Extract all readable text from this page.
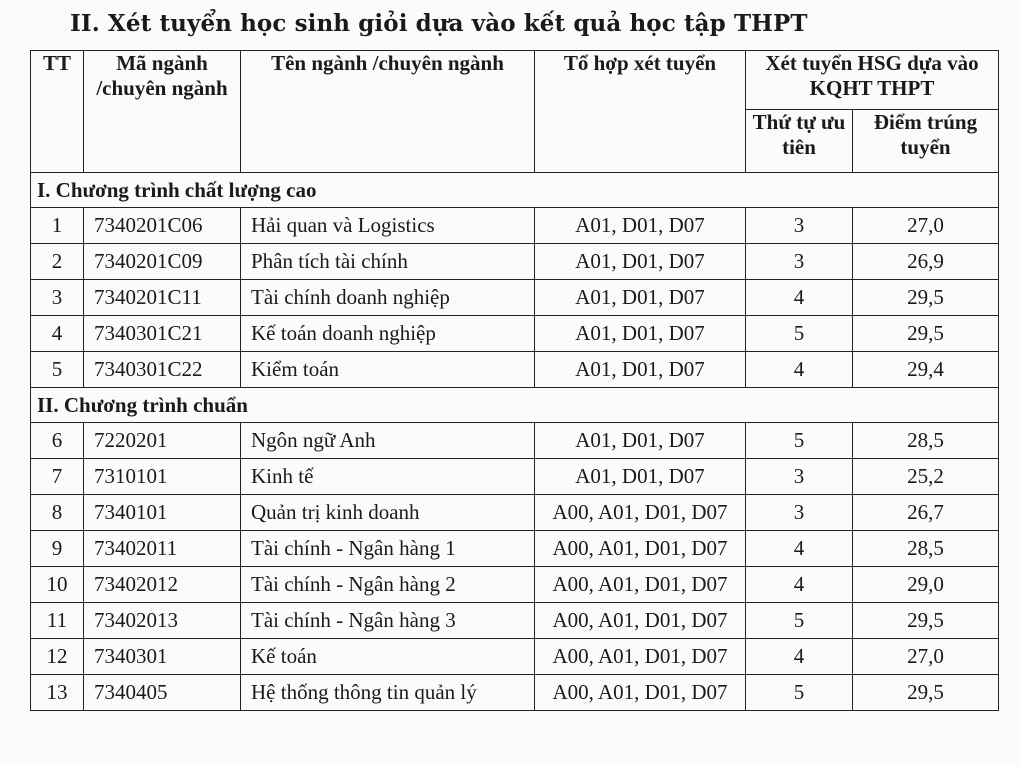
II. Xét tuyển học sinh giỏi dựa vào kết quả học tập THPT
TT	Mã ngành /chuyên ngành	Tên ngành /chuyên ngành	Tổ hợp xét tuyển	Xét tuyển HSG dựa vào KQHT THPT	
				Thứ tự ưu tiên	Điểm trúng tuyển
I. Chương trình chất lượng cao					
1	7340201C06	Hải quan và Logistics	A01, D01, D07	3	27,0
2	7340201C09	Phân tích tài chính	A01, D01, D07	3	26,9
3	7340201C11	Tài chính doanh nghiệp	A01, D01, D07	4	29,5
4	7340301C21	Kế toán doanh nghiệp	A01, D01, D07	5	29,5
5	7340301C22	Kiểm toán	A01, D01, D07	4	29,4
II. Chương trình chuẩn					
6	7220201	Ngôn ngữ Anh	A01, D01, D07	5	28,5
7	7310101	Kinh tế	A01, D01, D07	3	25,2
8	7340101	Quản trị kinh doanh	A00, A01, D01, D07	3	26,7
9	73402011	Tài chính - Ngân hàng 1	A00, A01, D01, D07	4	28,5
10	73402012	Tài chính - Ngân hàng 2	A00, A01, D01, D07	4	29,0
11	73402013	Tài chính - Ngân hàng 3	A00, A01, D01, D07	5	29,5
12	7340301	Kế toán	A00, A01, D01, D07	4	27,0
13	7340405	Hệ thống thông tin quản lý	A00, A01, D01, D07	5	29,5
